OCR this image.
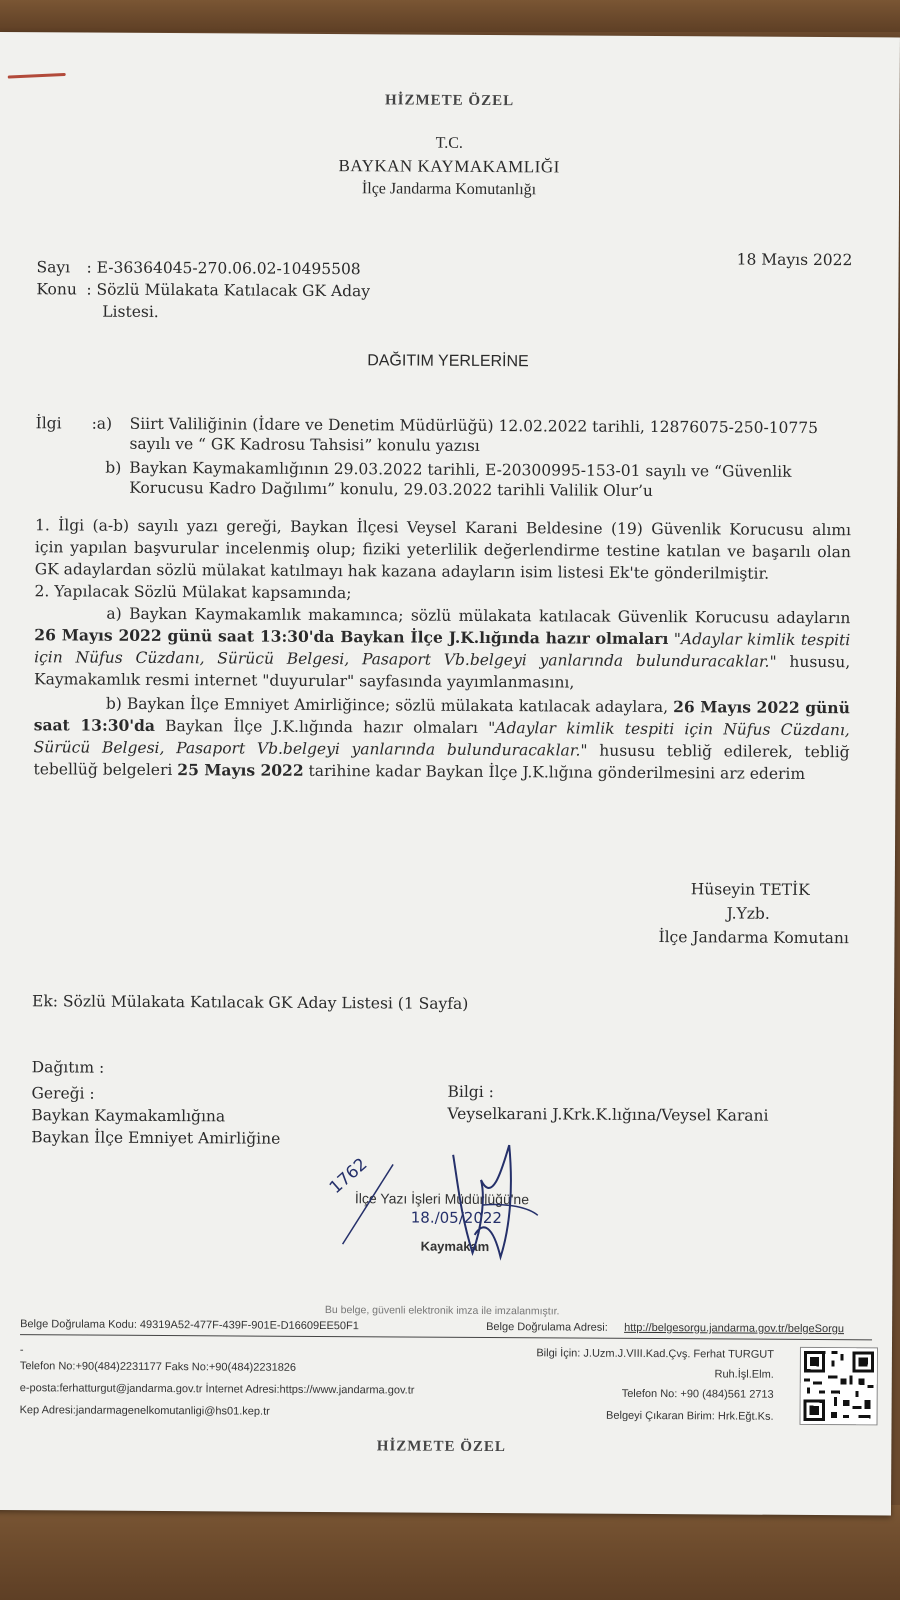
HİZMETE ÖZEL

T.C.

BAYKAN KAYMAKAMLIĞI

İlçe Jandarma Komutanlığı

Sayı : E-36364045-270.06.02-10495508	18 Mayıs 2022

Konu : Sözlü Mülakata Katılacak GK Aday

Listesi.

DAĞITIM YERLERİNE

İlgi :a) Siirt Valiliğinin (İdare ve Denetim Müdürlüğü) 12.02.2022 tarihli, 12876075-250-10775

sayılı ve “ GK Kadrosu Tahsisi” konulu yazısı

b) Baykan Kaymakamlığının 29.03.2022 tarihli, E-20300995-153-01 sayılı ve “Güvenlik

Korucusu Kadro Dağılımı” konulu, 29.03.2022 tarihli Valilik Olur’u

1. İlgi (a-b) sayılı yazı gereği, Baykan İlçesi Veysel Karani Beldesine (19) Güvenlik Korucusu alımı
için yapılan başvurular incelenmiş olup; fiziki yeterlilik değerlendirme testine katılan ve başarılı olan
GK adaylardan sözlü mülakat katılmayı hak kazana adayların isim listesi Ek'te gönderilmiştir.
2. Yapılacak Sözlü Mülakat kapsamında;
a) Baykan Kaymakamlık makamınca; sözlü mülakata katılacak Güvenlik Korucusu adayların
26 Mayıs 2022 günü saat 13:30'da Baykan İlçe J.K.lığında hazır olmaları "Adaylar kimlik tespiti
için Nüfus Cüzdanı, Sürücü Belgesi, Pasaport Vb.belgeyi yanlarında bulunduracaklar." hususu,
Kaymakamlık resmi internet "duyurular" sayfasında yayımlanmasını,
b) Baykan İlçe Emniyet Amirliğince; sözlü mülakata katılacak adaylara, 26 Mayıs 2022 günü
saat 13:30'da Baykan İlçe J.K.lığında hazır olmaları "Adaylar kimlik tespiti için Nüfus Cüzdanı,
Sürücü Belgesi, Pasaport Vb.belgeyi yanlarında bulunduracaklar." hususu tebliğ edilerek, tebliğ
tebellüğ belgeleri 25 Mayıs 2022 tarihine kadar Baykan İlçe J.K.lığına gönderilmesini arz ederim

Hüseyin TETİK

J.Yzb.

İlçe Jandarma Komutanı

Ek: Sözlü Mülakata Katılacak GK Aday Listesi (1 Sayfa)

Dağıtım :

Gereği :

Baykan Kaymakamlığına

Baykan İlçe Emniyet Amirliğine

Bilgi :

Veyselkarani J.Krk.K.lığına/Veysel Karani

1762

İlçe Yazı İşleri Müdürlüğü'ne

18./05/2022

Kaymakam

Bu belge, güvenli elektronik imza ile imzalanmıştır.

Belge Doğrulama Kodu: 49319A52-477F-439F-901E-D16609EE50F1	Belge Doğrulama Adresi: http://belgesorgu.jandarma.gov.tr/belgeSorgu

-

Telefon No:+90(484)2231177 Faks No:+90(484)2231826

e-posta:ferhatturgut@jandarma.gov.tr İnternet Adresi:https://www.jandarma.gov.tr

Kep Adresi:jandarmagenelkomutanligi@hs01.kep.tr

Bilgi İçin: J.Uzm.J.VIII.Kad.Çvş. Ferhat TURGUT

Ruh.İşl.Elm.

Telefon No: +90 (484)561 2713

Belgeyi Çıkaran Birim: Hrk.Eğt.Ks.

HİZMETE ÖZEL
